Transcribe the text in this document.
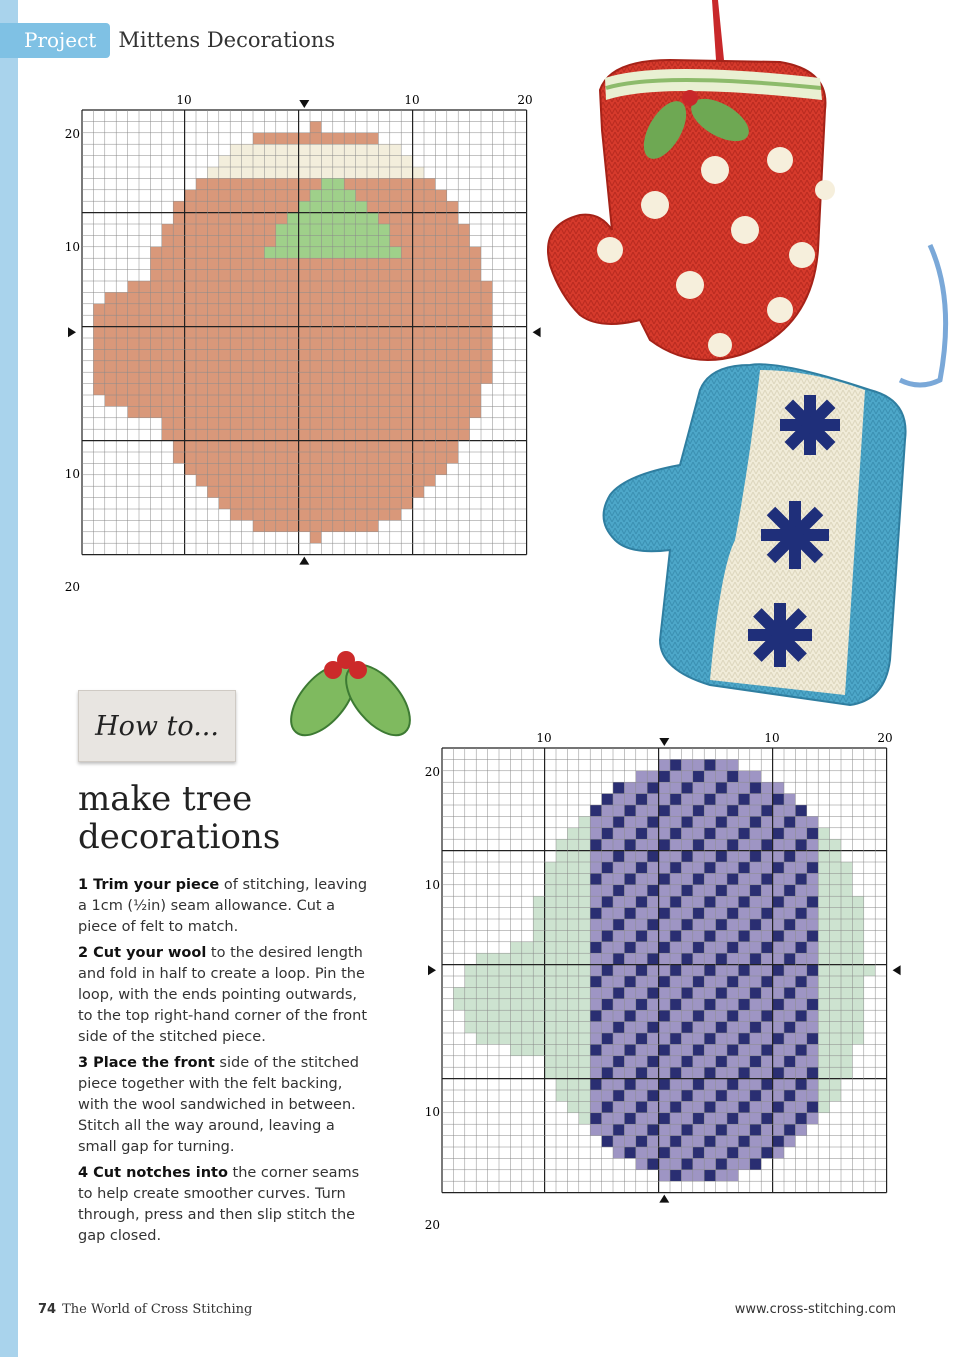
Project	Mittens Decorations
10	10	20
20
10
10
20
10	10	20
20
10
10
20
How to...
make tree
decorations

1 Trim your piece of stitching, leaving a 1cm (½in) seam allowance. Cut a piece of felt to match.

2 Cut your wool to the desired length and fold in half to create a loop. Pin the loop, with the ends pointing outwards, to the top right-hand corner of the front side of the stitched piece.

3 Place the front side of the stitched piece together with the felt backing, with the wool sandwiched in between. Stitch all the way around, leaving a small gap for turning.

4 Cut notches into the corner seams to help create smoother curves. Turn through, press and then slip stitch the gap closed.

74 The World of Cross Stitching	www.cross-stitching.com
